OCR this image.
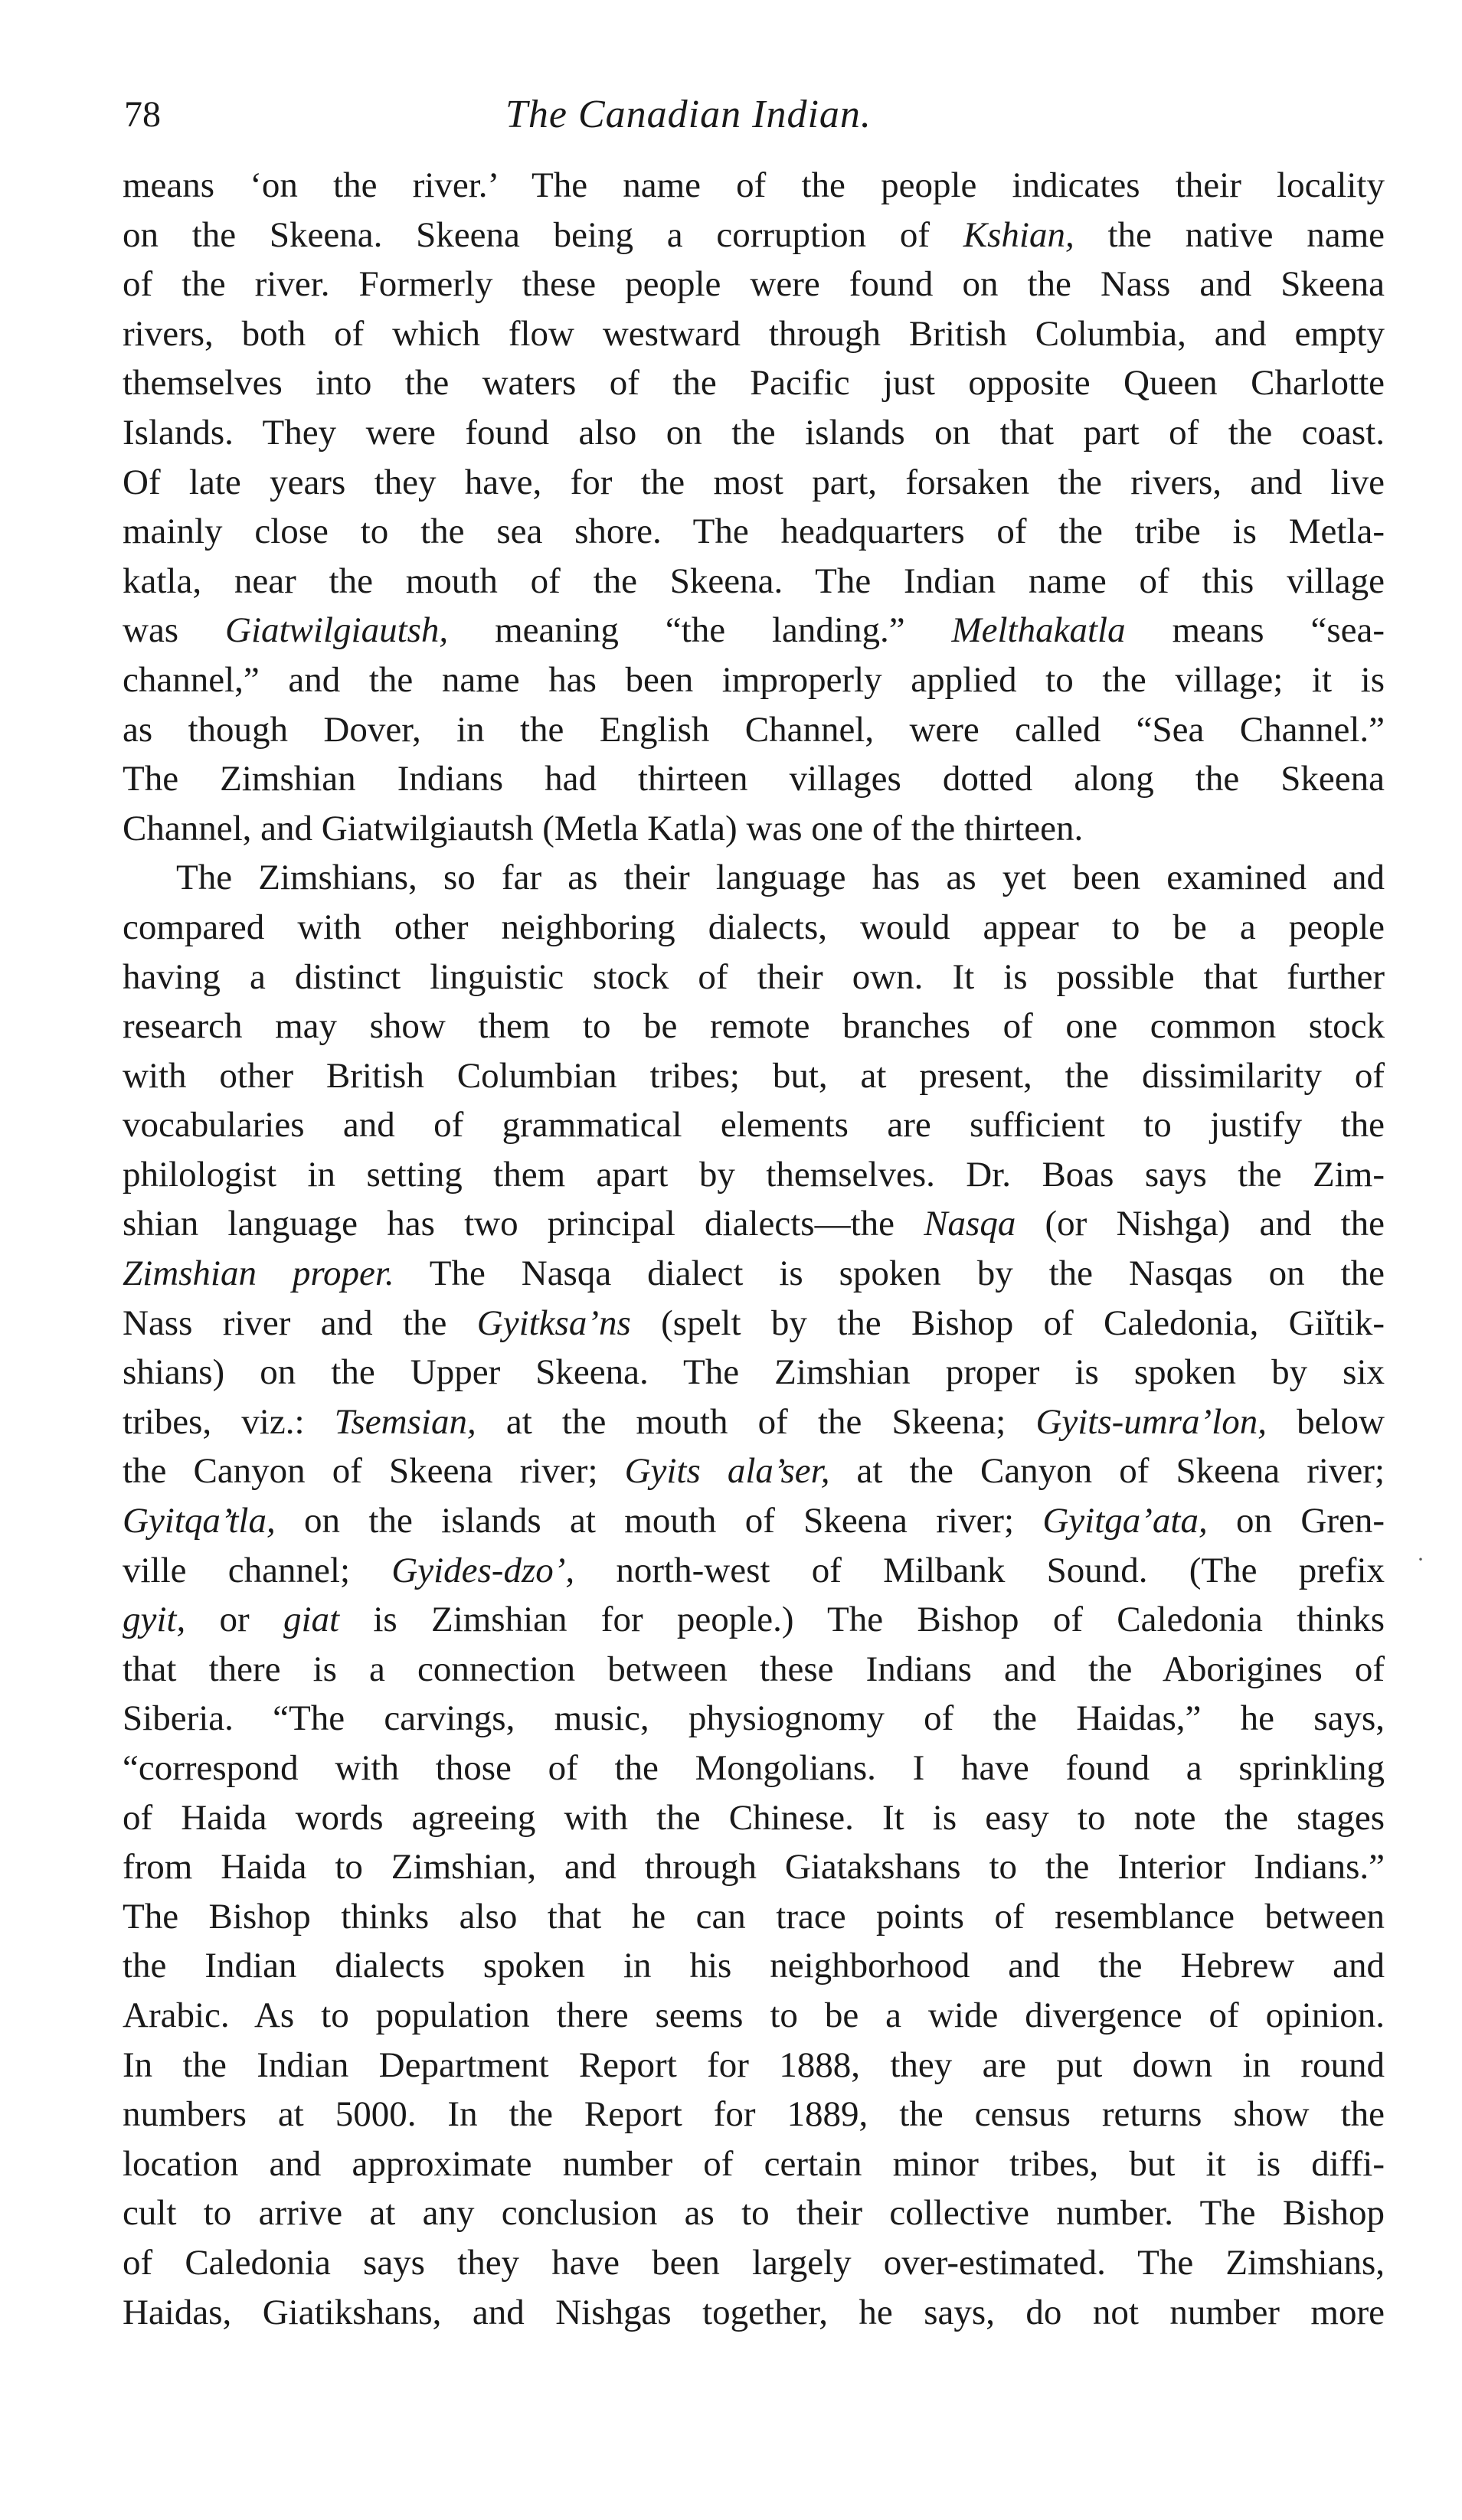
78	The Canadian Indian.
means ‘on the river.’ The name of the people indicates their locality
on the Skeena. Skeena being a corruption of Kshian, the native name
of the river. Formerly these people were found on the Nass and Skeena
rivers, both of which flow westward through British Columbia, and empty
themselves into the waters of the Pacific just opposite Queen Charlotte
Islands. They were found also on the islands on that part of the coast.
Of late years they have, for the most part, forsaken the rivers, and live
mainly close to the sea shore. The headquarters of the tribe is Metla-
katla, near the mouth of the Skeena. The Indian name of this village
was Giatwilgiautsh, meaning “the landing.” Melthakatla means “sea-
channel,” and the name has been improperly applied to the village; it is
as though Dover, in the English Channel, were called “Sea Channel.”
The Zimshian Indians had thirteen villages dotted along the Skeena
Channel, and Giatwilgiautsh (Metla Katla) was one of the thirteen.
The Zimshians, so far as their language has as yet been examined and
compared with other neighboring dialects, would appear to be a people
having a distinct linguistic stock of their own. It is possible that further
research may show them to be remote branches of one common stock
with other British Columbian tribes; but, at present, the dissimilarity of
vocabularies and of grammatical elements are sufficient to justify the
philologist in setting them apart by themselves. Dr. Boas says the Zim-
shian language has two principal dialects—the Nasqa (or Nishga) and the
Zimshian proper. The Nasqa dialect is spoken by the Nasqas on the
Nass river and the Gyitksa’ns (spelt by the Bishop of Caledonia, Giĭtik-
shians) on the Upper Skeena. The Zimshian proper is spoken by six
tribes, viz.: Tsemsian, at the mouth of the Skeena; Gyits-umra’lon, below
the Canyon of Skeena river; Gyits ala’ser, at the Canyon of Skeena river;
Gyitqa’tla, on the islands at mouth of Skeena river; Gyitga’ata, on Gren-
ville channel; Gyides-dzo’, north-west of Milbank Sound. (The prefix
gyit, or giat is Zimshian for people.) The Bishop of Caledonia thinks
that there is a connection between these Indians and the Aborigines of
Siberia. “The carvings, music, physiognomy of the Haidas,” he says,
“correspond with those of the Mongolians. I have found a sprinkling
of Haida words agreeing with the Chinese. It is easy to note the stages
from Haida to Zimshian, and through Giatakshans to the Interior Indians.”
The Bishop thinks also that he can trace points of resemblance between
the Indian dialects spoken in his neighborhood and the Hebrew and
Arabic. As to population there seems to be a wide divergence of opinion.
In the Indian Department Report for 1888, they are put down in round
numbers at 5000. In the Report for 1889, the census returns show the
location and approximate number of certain minor tribes, but it is diffi-
cult to arrive at any conclusion as to their collective number. The Bishop
of Caledonia says they have been largely over-estimated. The Zimshians,
Haidas, Giatikshans, and Nishgas together, he says, do not number more
·
